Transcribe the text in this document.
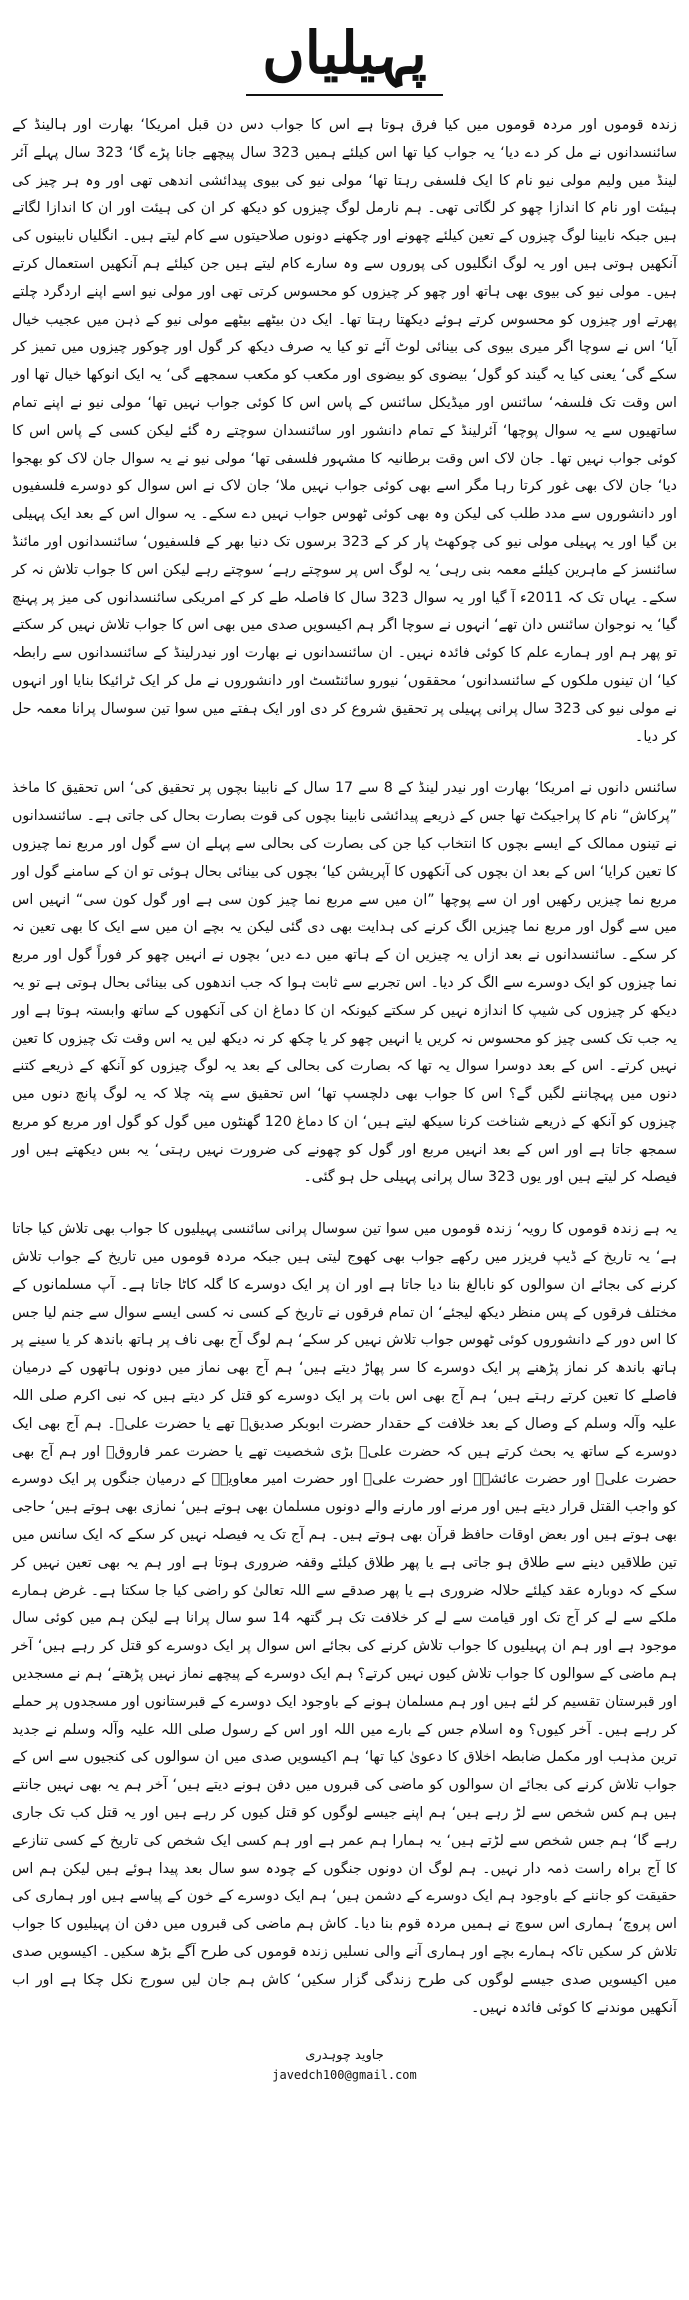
پہیلیاں

زندہ قوموں اور مردہ قوموں میں کیا فرق ہوتا ہے اس کا جواب دس دن قبل امریکا‘ بھارت اور ہالینڈ کے سائنسدانوں نے مل کر دے دیا‘ یہ جواب کیا تھا اس کیلئے ہمیں 323 سال پیچھے جانا پڑے گا‘ 323 سال پہلے آئر لینڈ میں ولیم مولی نیو نام کا ایک فلسفی رہتا تھا‘ مولی نیو کی بیوی پیدائشی اندھی تھی اور وہ ہر چیز کی ہیئت اور نام کا اندازا چھو کر لگاتی تھی۔ ہم نارمل لوگ چیزوں کو دیکھ کر ان کی ہیئت اور ان کا اندازا لگاتے ہیں جبکہ نابینا لوگ چیزوں کے تعین کیلئے چھونے اور چکھنے دونوں صلاحیتوں سے کام لیتے ہیں۔ انگلیاں نابینوں کی آنکھیں ہوتی ہیں اور یہ لوگ انگلیوں کی پوروں سے وہ سارے کام لیتے ہیں جن کیلئے ہم آنکھیں استعمال کرتے ہیں۔ مولی نیو کی بیوی بھی ہاتھ اور چھو کر چیزوں کو محسوس کرتی تھی اور مولی نیو اسے اپنے اردگرد چلتے پھرتے اور چیزوں کو محسوس کرتے ہوئے دیکھتا رہتا تھا۔ ایک دن بیٹھے بیٹھے مولی نیو کے ذہن میں عجیب خیال آیا‘ اس نے سوچا اگر میری بیوی کی بینائی لوٹ آئے تو کیا یہ صرف دیکھ کر گول اور چوکور چیزوں میں تمیز کر سکے گی‘ یعنی کیا یہ گیند کو گول‘ بیضوی کو بیضوی اور مکعب کو مکعب سمجھے گی‘ یہ ایک انوکھا خیال تھا اور اس وقت تک فلسفہ‘ سائنس اور میڈیکل سائنس کے پاس اس کا کوئی جواب نہیں تھا‘ مولی نیو نے اپنے تمام ساتھیوں سے یہ سوال پوچھا‘ آئرلینڈ کے تمام دانشور اور سائنسدان سوچتے رہ گئے لیکن کسی کے پاس اس کا کوئی جواب نہیں تھا۔ جان لاک اس وقت برطانیہ کا مشہور فلسفی تھا‘ مولی نیو نے یہ سوال جان لاک کو بھجوا دیا‘ جان لاک بھی غور کرتا رہا مگر اسے بھی کوئی جواب نہیں ملا‘ جان لاک نے اس سوال کو دوسرے فلسفیوں اور دانشوروں سے مدد طلب کی لیکن وہ بھی کوئی ٹھوس جواب نہیں دے سکے۔ یہ سوال اس کے بعد ایک پہیلی بن گیا اور یہ پہیلی مولی نیو کی چوکھٹ پار کر کے 323 برسوں تک دنیا بھر کے فلسفیوں‘ سائنسدانوں اور مائنڈ سائنسز کے ماہرین کیلئے معمہ بنی رہی‘ یہ لوگ اس پر سوچتے رہے‘ سوچتے رہے لیکن اس کا جواب تلاش نہ کر سکے۔ یہاں تک کہ 2011ء آ گیا اور یہ سوال 323 سال کا فاصلہ طے کر کے امریکی سائنسدانوں کی میز پر پہنچ گیا‘ یہ نوجوان سائنس دان تھے‘ انہوں نے سوچا اگر ہم اکیسویں صدی میں بھی اس کا جواب تلاش نہیں کر سکتے تو پھر ہم اور ہمارے علم کا کوئی فائدہ نہیں۔ ان سائنسدانوں نے بھارت اور نیدرلینڈ کے سائنسدانوں سے رابطہ کیا‘ ان تینوں ملکوں کے سائنسدانوں‘ محققوں‘ نیورو سائنٹسٹ اور دانشوروں نے مل کر ایک ٹرائیکا بنایا اور انہوں نے مولی نیو کی 323 سال پرانی پہیلی پر تحقیق شروع کر دی اور ایک ہفتے میں سوا تین سوسال پرانا معمہ حل کر دیا۔

سائنس دانوں نے امریکا‘ بھارت اور نیدر لینڈ کے 8 سے 17 سال کے نابینا بچوں پر تحقیق کی‘ اس تحقیق کا ماخذ ”پرکاش“ نام کا پراجیکٹ تھا جس کے ذریعے پیدائشی نابینا بچوں کی قوت بصارت بحال کی جاتی ہے۔ سائنسدانوں نے تینوں ممالک کے ایسے بچوں کا انتخاب کیا جن کی بصارت کی بحالی سے پہلے ان سے گول اور مربع نما چیزوں کا تعین کرایا‘ اس کے بعد ان بچوں کی آنکھوں کا آپریشن کیا‘ بچوں کی بینائی بحال ہوئی تو ان کے سامنے گول اور مربع نما چیزیں رکھیں اور ان سے پوچھا ”ان میں سے مربع نما چیز کون سی ہے اور گول کون سی“ انہیں اس میں سے گول اور مربع نما چیزیں الگ کرنے کی ہدایت بھی دی گئی لیکن یہ بچے ان میں سے ایک کا بھی تعین نہ کر سکے۔ سائنسدانوں نے بعد ازاں یہ چیزیں ان کے ہاتھ میں دے دیں‘ بچوں نے انہیں چھو کر فوراً گول اور مربع نما چیزوں کو ایک دوسرے سے الگ کر دیا۔ اس تجربے سے ثابت ہوا کہ جب اندھوں کی بینائی بحال ہوتی ہے تو یہ دیکھ کر چیزوں کی شیپ کا اندازہ نہیں کر سکتے کیونکہ ان کا دماغ ان کی آنکھوں کے ساتھ وابستہ ہوتا ہے اور یہ جب تک کسی چیز کو محسوس نہ کریں یا انہیں چھو کر یا چکھ کر نہ دیکھ لیں یہ اس وقت تک چیزوں کا تعین نہیں کرتے۔ اس کے بعد دوسرا سوال یہ تھا کہ بصارت کی بحالی کے بعد یہ لوگ چیزوں کو آنکھ کے ذریعے کتنے دنوں میں پہچاننے لگیں گے؟ اس کا جواب بھی دلچسپ تھا‘ اس تحقیق سے پتہ چلا کہ یہ لوگ پانچ دنوں میں چیزوں کو آنکھ کے ذریعے شناخت کرنا سیکھ لیتے ہیں‘ ان کا دماغ 120 گھنٹوں میں گول کو گول اور مربع کو مربع سمجھ جاتا ہے اور اس کے بعد انہیں مربع اور گول کو چھونے کی ضرورت نہیں رہتی‘ یہ بس دیکھتے ہیں اور فیصلہ کر لیتے ہیں اور یوں 323 سال پرانی پہیلی حل ہو گئی۔

یہ ہے زندہ قوموں کا رویہ‘ زندہ قوموں میں سوا تین سوسال پرانی سائنسی پہیلیوں کا جواب بھی تلاش کیا جاتا ہے‘ یہ تاریخ کے ڈیپ فریزر میں رکھے جواب بھی کھوج لیتی ہیں جبکہ مردہ قوموں میں تاریخ کے جواب تلاش کرنے کی بجائے ان سوالوں کو نابالغ بنا دیا جاتا ہے اور ان پر ایک دوسرے کا گلہ کاٹا جاتا ہے۔ آپ مسلمانوں کے مختلف فرقوں کے پس منظر دیکھ لیجئے‘ ان تمام فرقوں نے تاریخ کے کسی نہ کسی ایسے سوال سے جنم لیا جس کا اس دور کے دانشوروں کوئی ٹھوس جواب تلاش نہیں کر سکے‘ ہم لوگ آج بھی ناف پر ہاتھ باندھ کر یا سینے پر ہاتھ باندھ کر نماز پڑھنے پر ایک دوسرے کا سر پھاڑ دیتے ہیں‘ ہم آج بھی نماز میں دونوں ہاتھوں کے درمیان فاصلے کا تعین کرتے رہتے ہیں‘ ہم آج بھی اس بات پر ایک دوسرے کو قتل کر دیتے ہیں کہ نبی اکرم صلی اللہ علیہ وآلہ وسلم کے وصال کے بعد خلافت کے حقدار حضرت ابوبکر صدیقؓ تھے یا حضرت علیؓ۔ ہم آج بھی ایک دوسرے کے ساتھ یہ بحث کرتے ہیں کہ حضرت علیؓ بڑی شخصیت تھے یا حضرت عمر فاروقؓ اور ہم آج بھی حضرت علیؓ اور حضرت عائشہؓ اور حضرت علیؓ اور حضرت امیر معاویہؓ کے درمیان جنگوں پر ایک دوسرے کو واجب القتل قرار دیتے ہیں اور مرنے اور مارنے والے دونوں مسلمان بھی ہوتے ہیں‘ نمازی بھی ہوتے ہیں‘ حاجی بھی ہوتے ہیں اور بعض اوقات حافظ قرآن بھی ہوتے ہیں۔ ہم آج تک یہ فیصلہ نہیں کر سکے کہ ایک سانس میں تین طلاقیں دینے سے طلاق ہو جاتی ہے یا پھر طلاق کیلئے وقفہ ضروری ہوتا ہے اور ہم یہ بھی تعین نہیں کر سکے کہ دوبارہ عقد کیلئے حلالہ ضروری ہے یا پھر صدقے سے اللہ تعالیٰ کو راضی کیا جا سکتا ہے۔ غرض ہمارے ملکے سے لے کر آج تک اور قیامت سے لے کر خلافت تک ہر گتھہ 14 سو سال پرانا ہے لیکن ہم میں کوئی سال موجود ہے اور ہم ان پہیلیوں کا جواب تلاش کرنے کی بجائے اس سوال پر ایک دوسرے کو قتل کر رہے ہیں‘ آخر ہم ماضی کے سوالوں کا جواب تلاش کیوں نہیں کرتے؟ ہم ایک دوسرے کے پیچھے نماز نہیں پڑھتے‘ ہم نے مسجدیں اور قبرستان تقسیم کر لئے ہیں اور ہم مسلمان ہونے کے باوجود ایک دوسرے کے قبرستانوں اور مسجدوں پر حملے کر رہے ہیں۔ آخر کیوں؟ وہ اسلام جس کے بارے میں اللہ اور اس کے رسول صلی اللہ علیہ وآلہ وسلم نے جدید ترین مذہب اور مکمل ضابطہ اخلاق کا دعویٰ کیا تھا‘ ہم اکیسویں صدی میں ان سوالوں کی کنجیوں سے اس کے جواب تلاش کرنے کی بجائے ان سوالوں کو ماضی کی قبروں میں دفن ہونے دیتے ہیں‘ آخر ہم یہ بھی نہیں جانتے ہیں ہم کس شخص سے لڑ رہے ہیں‘ ہم اپنے جیسے لوگوں کو قتل کیوں کر رہے ہیں اور یہ قتل کب تک جاری رہے گا‘ ہم جس شخص سے لڑتے ہیں‘ یہ ہمارا ہم عمر ہے اور ہم کسی ایک شخص کی تاریخ کے کسی تنازعے کا آج براہ راست ذمہ دار نہیں۔ ہم لوگ ان دونوں جنگوں کے چودہ سو سال بعد پیدا ہوئے ہیں لیکن ہم اس حقیقت کو جاننے کے باوجود ہم ایک دوسرے کے دشمن ہیں‘ ہم ایک دوسرے کے خون کے پیاسے ہیں اور ہماری کی اس پروچ‘ ہماری اس سوچ نے ہمیں مردہ قوم بنا دیا۔ کاش ہم ماضی کی قبروں میں دفن ان پہیلیوں کا جواب تلاش کر سکیں تاکہ ہمارے بچے اور ہماری آنے والی نسلیں زندہ قوموں کی طرح آگے بڑھ سکیں۔ اکیسویں صدی میں اکیسویں صدی جیسے لوگوں کی طرح زندگی گزار سکیں‘ کاش ہم جان لیں سورج نکل چکا ہے اور اب آنکھیں موندنے کا کوئی فائدہ نہیں۔

جاوید چوہدری
javedch100@gmail.com
